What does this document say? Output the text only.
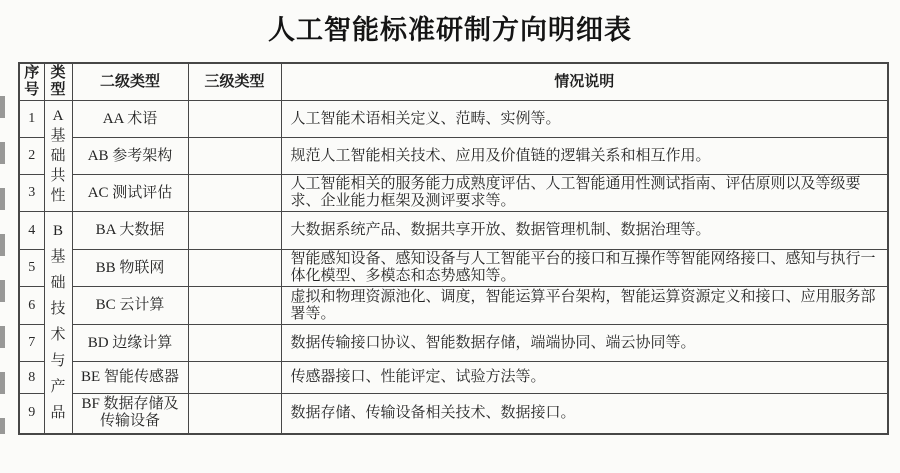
人工智能标准研制方向明细表
序号	类型	二级类型	三级类型	情况说明
1	A基础共性	AA 术语		人工智能术语相关定义、范畴、实例等。
2		AB 参考架构		规范人工智能相关技术、应用及价值链的逻辑关系和相互作用。
3		AC 测试评估		人工智能相关的服务能力成熟度评估、人工智能通用性测试指南、评估原则以及等级要求、企业能力框架及测评要求等。
4	B基础技术与产品	BA 大数据		大数据系统产品、数据共享开放、数据管理机制、数据治理等。
5		BB 物联网		智能感知设备、感知设备与人工智能平台的接口和互操作等智能网络接口、感知与执行一体化模型、多模态和态势感知等。
6		BC 云计算		虚拟和物理资源池化、调度，智能运算平台架构，智能运算资源定义和接口、应用服务部署等。
7		BD 边缘计算		数据传输接口协议、智能数据存储，端端协同、端云协同等。
8		BE 智能传感器		传感器接口、性能评定、试验方法等。
9		BF 数据存储及传输设备		数据存储、传输设备相关技术、数据接口。
